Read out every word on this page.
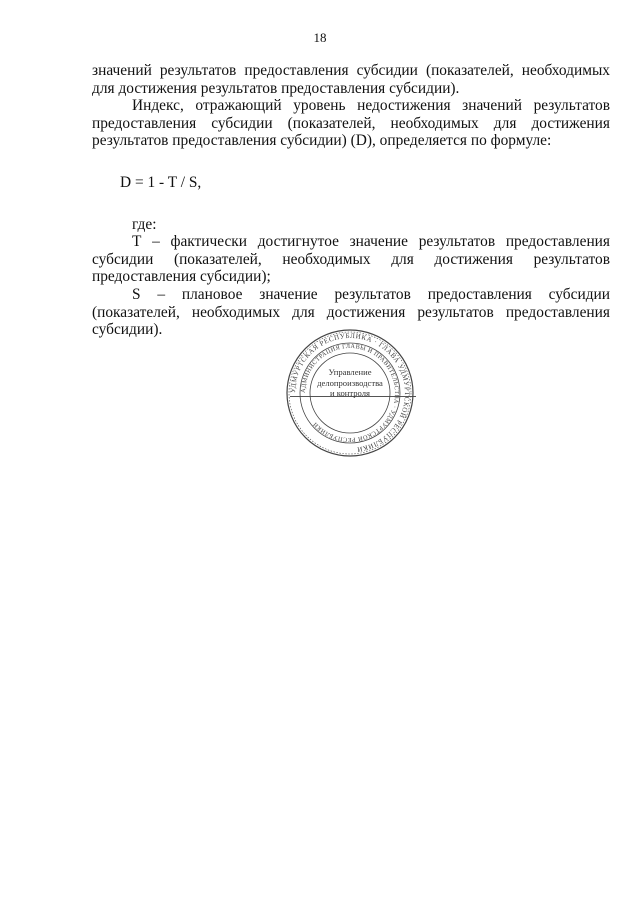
18

значений результатов предоставления субсидии (показателей, необходимых для достижения результатов предоставления субсидии).

Индекс, отражающий уровень недостижения значений результатов предоставления субсидии (показателей, необходимых для достижения результатов предоставления субсидии) (D), определяется по формуле:

D = 1 - T / S,

где:

Т – фактически достигнутое значение результатов предоставления субсидии (показателей, необходимых для достижения результатов предоставления субсидии);

S – плановое значение результатов предоставления субсидии (показателей, необходимых для достижения результатов предоставления субсидии).

УДМУРТСКАЯ РЕСПУБЛИКА · ГЛАВА УДМУРТСКОЙ РЕСПУБЛИКИ
АДМИНИСТРАЦИЯ ГЛАВЫ И ПРАВИТЕЛЬСТВА · УДМУРТСКОЙ РЕСПУБЛИКИ
Управление
делопроизводства
и контроля
